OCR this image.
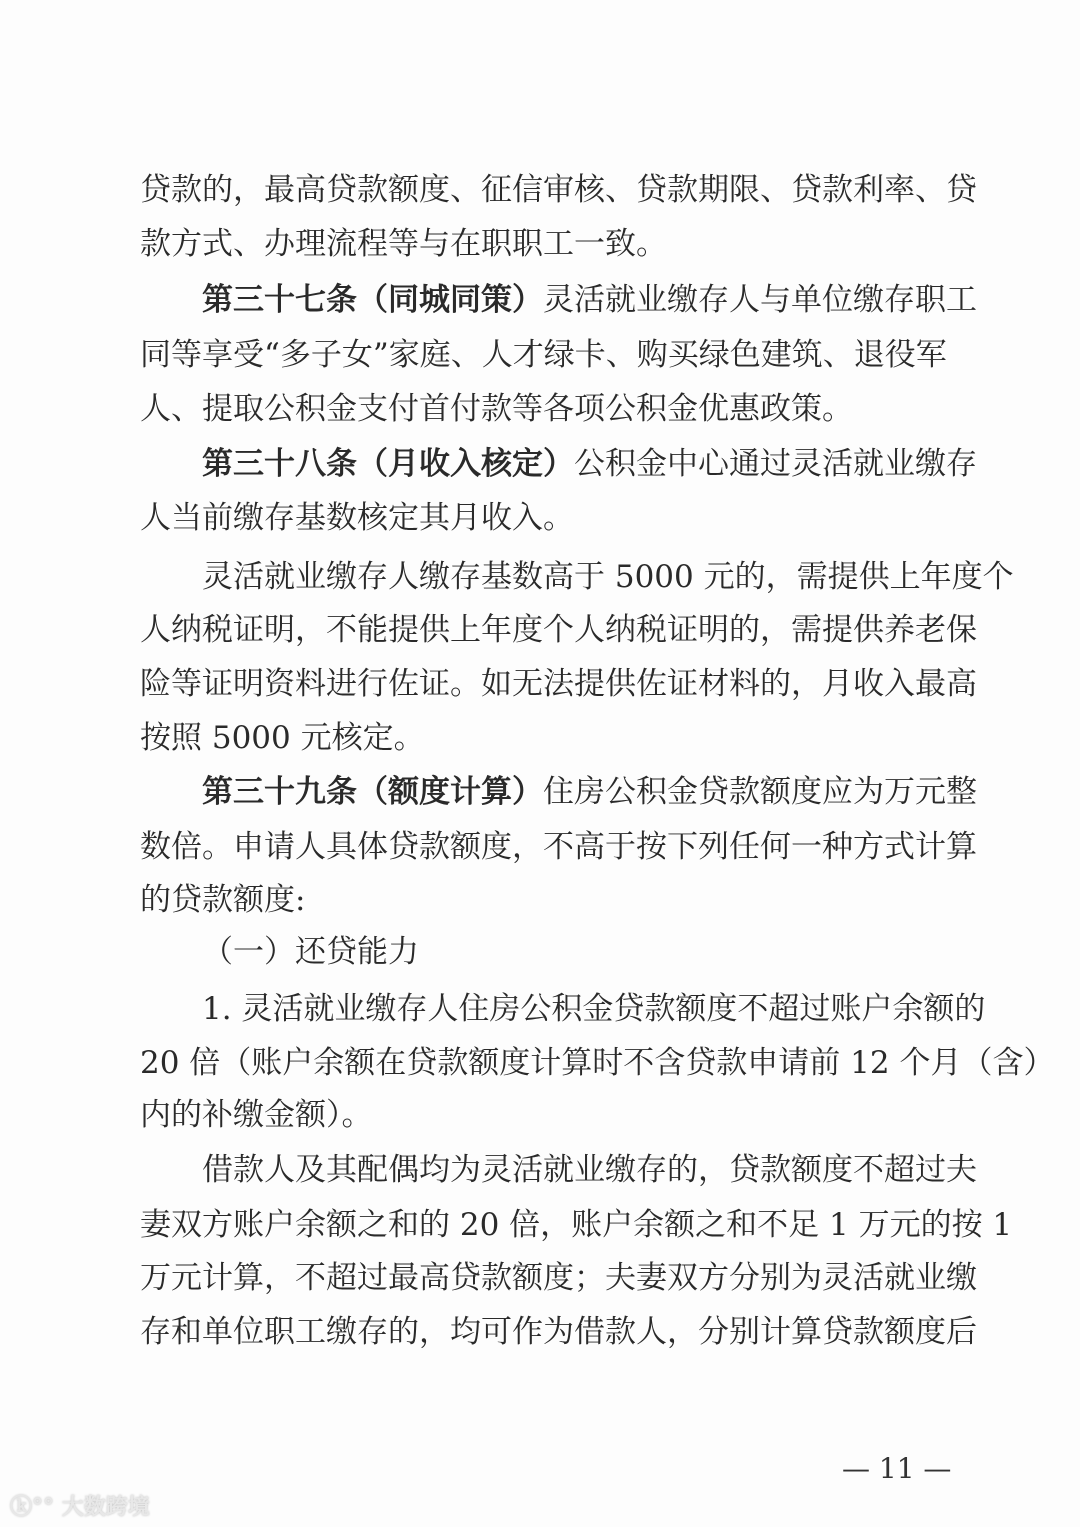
贷款的，最高贷款额度、征信审核、贷款期限、贷款利率、贷
款方式、办理流程等与在职职工一致。
第三十七条（同城同策）灵活就业缴存人与单位缴存职工
同等享受“多子女”家庭、人才绿卡、购买绿色建筑、退役军
人、提取公积金支付首付款等各项公积金优惠政策。
第三十八条（月收入核定）公积金中心通过灵活就业缴存
人当前缴存基数核定其月收入。
灵活就业缴存人缴存基数高于 5000 元的，需提供上年度个
人纳税证明，不能提供上年度个人纳税证明的，需提供养老保
险等证明资料进行佐证。如无法提供佐证材料的，月收入最高
按照 5000 元核定。
第三十九条（额度计算）住房公积金贷款额度应为万元整
数倍。申请人具体贷款额度，不高于按下列任何一种方式计算
的贷款额度:
（一）还贷能力
1. 灵活就业缴存人住房公积金贷款额度不超过账户余额的
20 倍（账户余额在贷款额度计算时不含贷款申请前 12 个月（含）
内的补缴金额）。
借款人及其配偶均为灵活就业缴存的，贷款额度不超过夫
妻双方账户余额之和的 20 倍，账户余额之和不足 1 万元的按 1
万元计算，不超过最高贷款额度；夫妻双方分别为灵活就业缴
存和单位职工缴存的，均可作为借款人，分别计算贷款额度后
— 11 —
ⓚ°° 大数跨境
